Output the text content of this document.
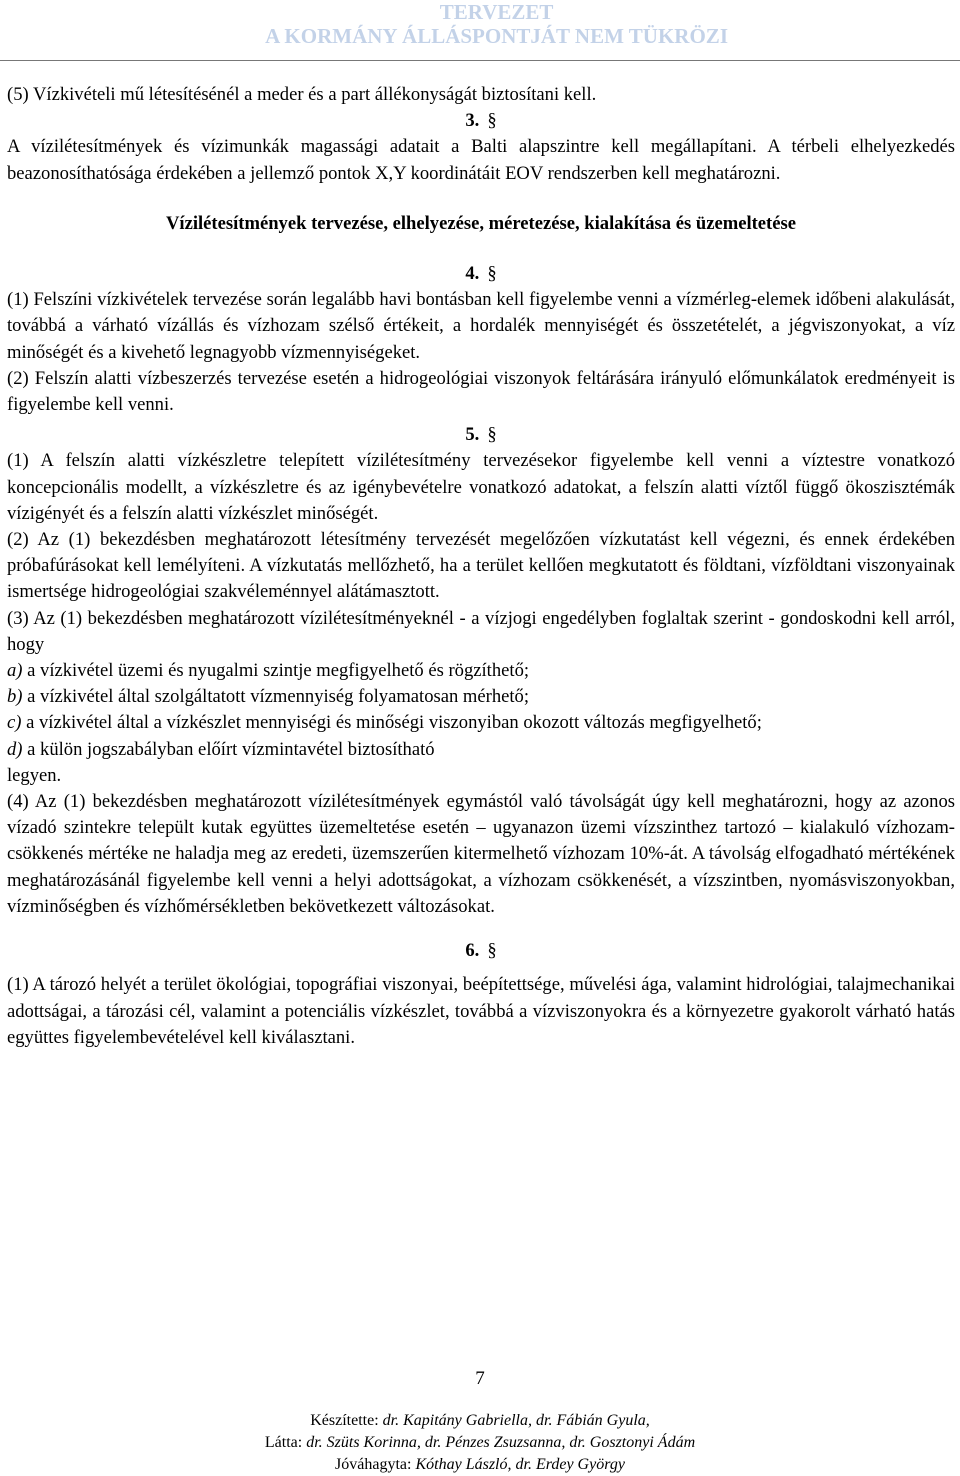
TERVEZET
A KORMÁNY ÁLLÁSPONTJÁT NEM TÜKRÖZI

(5) Vízkivételi mű létesítésénél a meder és a part állékonyságát biztosítani kell.

3. §

A vízilétesítmények és vízimunkák magassági adatait a Balti alapszintre kell megállapítani. A térbeli elhelyezkedés beazonosíthatósága érdekében a jellemző pontok X,Y koordinátáit EOV rendszerben kell meghatározni.

Vízilétesítmények tervezése, elhelyezése, méretezése, kialakítása és üzemeltetése

4. §

(1) Felszíni vízkivételek tervezése során legalább havi bontásban kell figyelembe venni a vízmérleg-elemek időbeni alakulását, továbbá a várható vízállás és vízhozam szélső értékeit, a hordalék mennyiségét és összetételét, a jégviszonyokat, a víz minőségét és a kivehető legnagyobb vízmennyiségeket.

(2) Felszín alatti vízbeszerzés tervezése esetén a hidrogeológiai viszonyok feltárására irányuló előmunkálatok eredményeit is figyelembe kell venni.

5. §

(1) A felszín alatti vízkészletre telepített vízilétesítmény tervezésekor figyelembe kell venni a víztestre vonatkozó koncepcionális modellt, a vízkészletre és az igénybevételre vonatkozó adatokat, a felszín alatti víztől függő ökoszisztémák vízigényét és a felszín alatti vízkészlet minőségét.

(2) Az (1) bekezdésben meghatározott létesítmény tervezését megelőzően vízkutatást kell végezni, és ennek érdekében próbafúrásokat kell lemélyíteni. A vízkutatás mellőzhető, ha a terület kellően megkutatott és földtani, vízföldtani viszonyainak ismertsége hidrogeológiai szakvéleménnyel alátámasztott.

(3) Az (1) bekezdésben meghatározott vízilétesítményeknél - a vízjogi engedélyben foglaltak szerint - gondoskodni kell arról, hogy

a) a vízkivétel üzemi és nyugalmi szintje megfigyelhető és rögzíthető;

b) a vízkivétel által szolgáltatott vízmennyiség folyamatosan mérhető;

c) a vízkivétel által a vízkészlet mennyiségi és minőségi viszonyiban okozott változás megfigyelhető;

d) a külön jogszabályban előírt vízmintavétel biztosítható

legyen.

(4) Az (1) bekezdésben meghatározott vízilétesítmények egymástól való távolságát úgy kell meghatározni, hogy az azonos vízadó szintekre települt kutak együttes üzemeltetése esetén – ugyanazon üzemi vízszinthez tartozó – kialakuló vízhozam-csökkenés mértéke ne haladja meg az eredeti, üzemszerűen kitermelhető vízhozam 10%-át. A távolság elfogadható mértékének meghatározásánál figyelembe kell venni a helyi adottságokat, a vízhozam csökkenését, a vízszintben, nyomásviszonyokban, vízminőségben és vízhőmérsékletben bekövetkezett változásokat.

6. §

(1) A tározó helyét a terület ökológiai, topográfiai viszonyai, beépítettsége, művelési ága, valamint hidrológiai, talajmechanikai adottságai, a tározási cél, valamint a potenciális vízkészlet, továbbá a vízviszonyokra és a környezetre gyakorolt várható hatás együttes figyelembevételével kell kiválasztani.

7
Készítette: dr. Kapitány Gabriella, dr. Fábián Gyula,
Látta: dr. Szüts Korinna, dr. Pénzes Zsuzsanna, dr. Gosztonyi Ádám
Jóváhagyta: Kóthay László, dr. Erdey György
